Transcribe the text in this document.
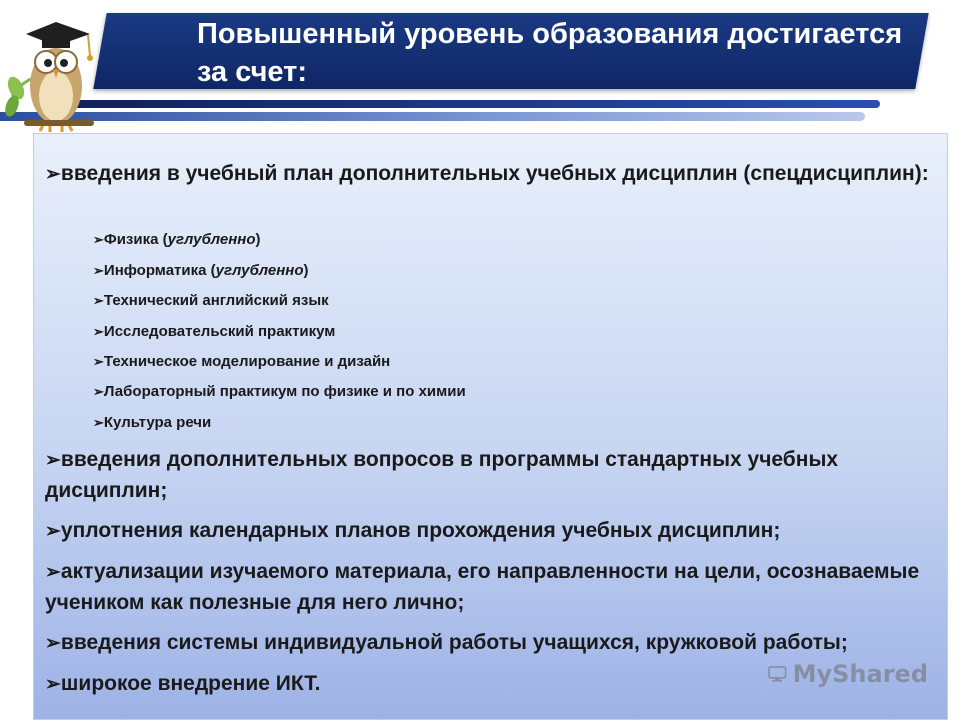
Повышенный уровень образования достигается за счет:
➢введения в учебный план дополнительных учебных дисциплин (спецдисциплин):
➢Физика (углубленно)
➢Информатика (углубленно)
➢Технический английский язык
➢Исследовательский практикум
➢Техническое моделирование и дизайн
➢Лабораторный практикум по физике и по химии
➢Культура речи
➢введения дополнительных вопросов в программы стандартных учебных дисциплин;
➢уплотнения календарных планов прохождения учебных дисциплин;
➢актуализации изучаемого материала, его направленности на цели, осознаваемые учеником как полезные для него лично;
➢введения системы индивидуальной работы учащихся, кружковой работы;
➢широкое внедрение ИКТ.	MyShared
